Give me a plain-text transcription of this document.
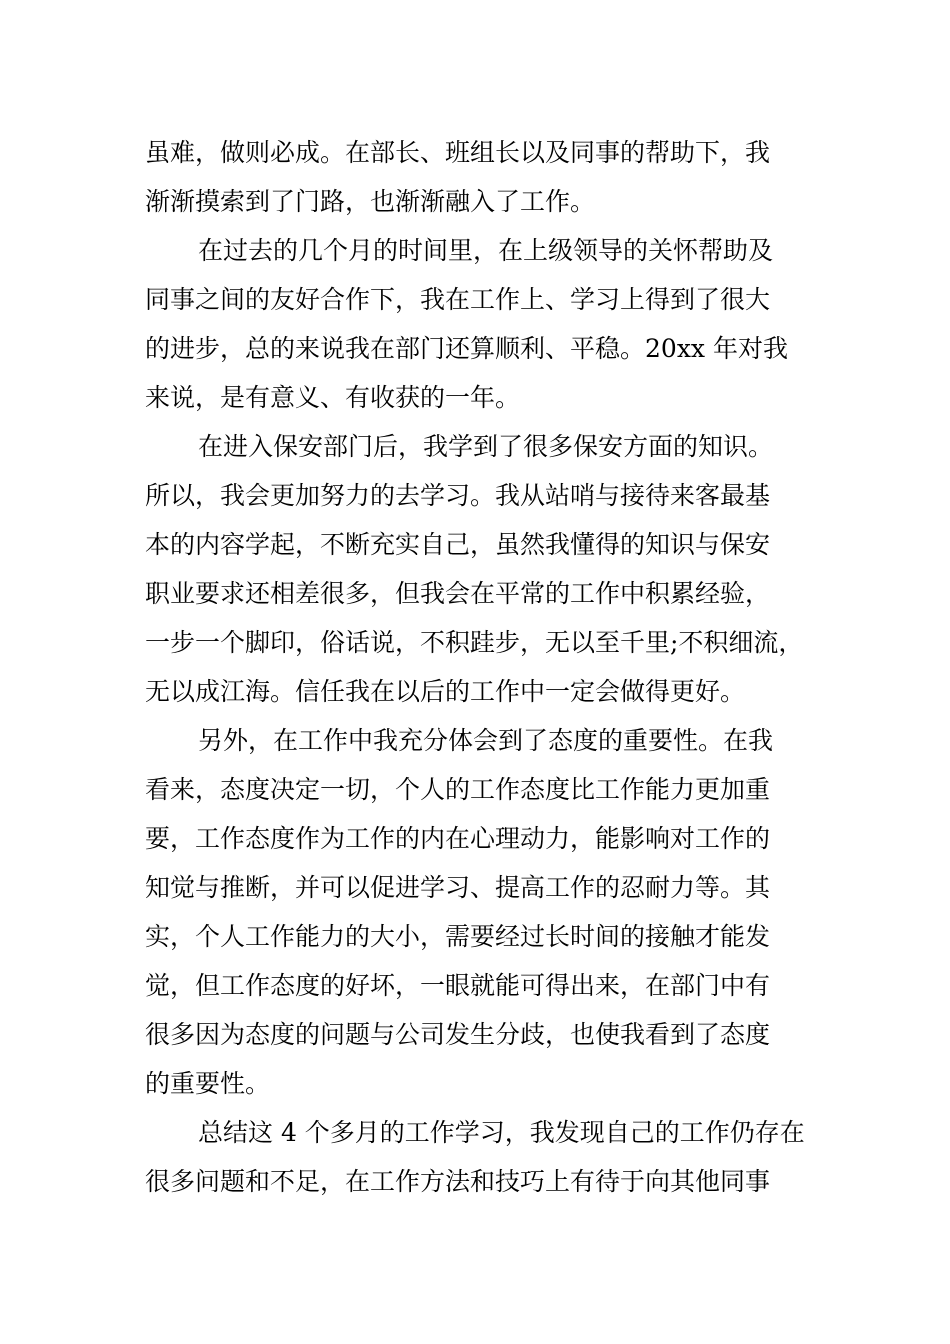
虽难，做则必成。在部长、班组长以及同事的帮助下，我
渐渐摸索到了门路，也渐渐融入了工作。
在过去的几个月的时间里，在上级领导的关怀帮助及
同事之间的友好合作下，我在工作上、学习上得到了很大
的进步，总的来说我在部门还算顺利、平稳。20xx 年对我
来说，是有意义、有收获的一年。
在进入保安部门后，我学到了很多保安方面的知识。
所以，我会更加努力的去学习。我从站哨与接待来客最基
本的内容学起，不断充实自己，虽然我懂得的知识与保安
职业要求还相差很多，但我会在平常的工作中积累经验，
一步一个脚印，俗话说，不积跬步，无以至千里;不积细流，
无以成江海。信任我在以后的工作中一定会做得更好。
另外，在工作中我充分体会到了态度的重要性。在我
看来，态度决定一切，个人的工作态度比工作能力更加重
要，工作态度作为工作的内在心理动力，能影响对工作的
知觉与推断，并可以促进学习、提高工作的忍耐力等。其
实，个人工作能力的大小，需要经过长时间的接触才能发
觉，但工作态度的好坏，一眼就能可得出来，在部门中有
很多因为态度的问题与公司发生分歧，也使我看到了态度
的重要性。
总结这 4 个多月的工作学习，我发现自己的工作仍存在
很多问题和不足，在工作方法和技巧上有待于向其他同事
